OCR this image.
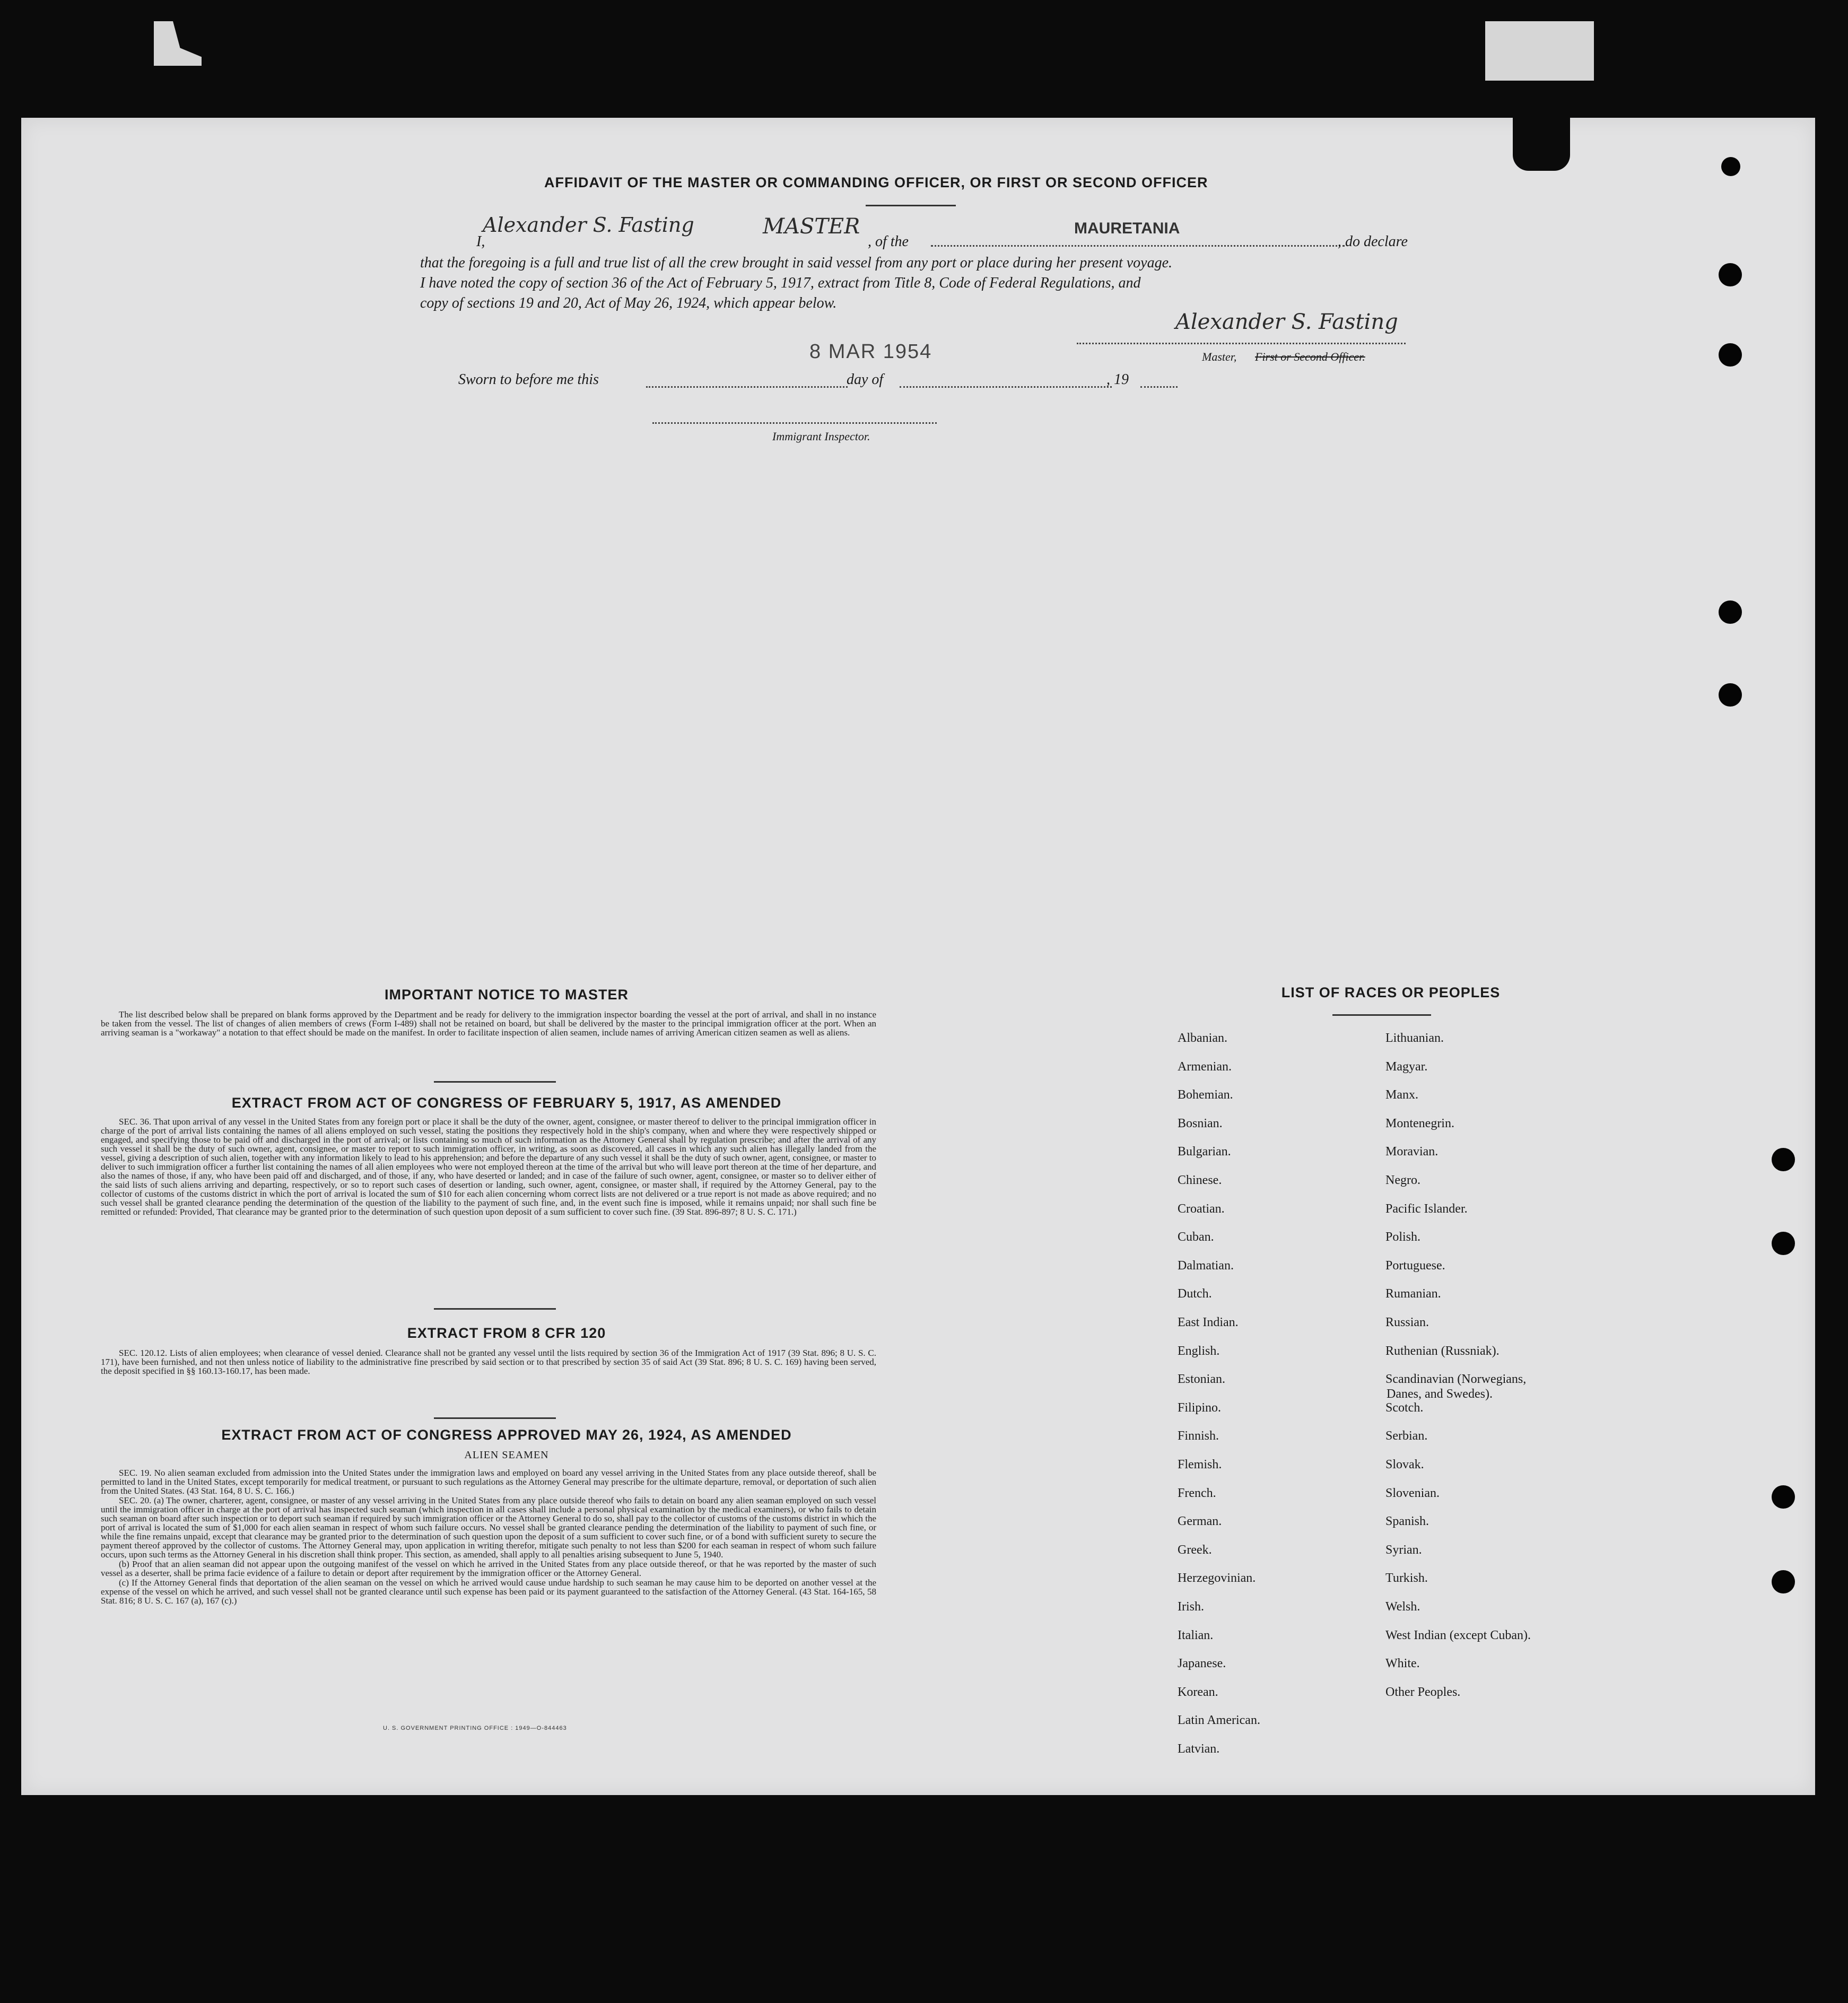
AFFIDAVIT OF THE MASTER OR COMMANDING OFFICER, OR FIRST OR SECOND OFFICER
I,
Alexander S. Fasting	MASTER
, of the
MAURETANIA
, do declare
that the foregoing is a full and true list of all the crew brought in said vessel from any port or place during her present voyage.
I have noted the copy of section 36 of the Act of February 5, 1917, extract from Title 8, Code of Federal Regulations, and
copy of sections 19 and 20, Act of May 26, 1924, which appear below.
Alexander S. Fasting
Master, First or Second Officer.
Sworn to before me this
8 MAR 1954
day of	, 19
Immigrant Inspector.
IMPORTANT NOTICE TO MASTER

The list described below shall be prepared on blank forms approved by the Department and be ready for delivery to the immigration inspector boarding the vessel at the port of arrival, and shall in no instance be taken from the vessel. The list of changes of alien members of crews (Form I-489) shall not be retained on board, but shall be delivered by the master to the principal immigration officer at the port. When an arriving seaman is a "workaway" a notation to that effect should be made on the manifest. In order to facilitate inspection of alien seamen, include names of arriving American citizen seamen as well as aliens.

EXTRACT FROM ACT OF CONGRESS OF FEBRUARY 5, 1917, AS AMENDED

SEC. 36. That upon arrival of any vessel in the United States from any foreign port or place it shall be the duty of the owner, agent, consignee, or master thereof to deliver to the principal immigration officer in charge of the port of arrival lists containing the names of all aliens employed on such vessel, stating the positions they respectively hold in the ship's company, when and where they were respectively shipped or engaged, and specifying those to be paid off and discharged in the port of arrival; or lists containing so much of such information as the Attorney General shall by regulation prescribe; and after the arrival of any such vessel it shall be the duty of such owner, agent, consignee, or master to report to such immigration officer, in writing, as soon as discovered, all cases in which any such alien has illegally landed from the vessel, giving a description of such alien, together with any information likely to lead to his apprehension; and before the departure of any such vessel it shall be the duty of such owner, agent, consignee, or master to deliver to such immigration officer a further list containing the names of all alien employees who were not employed thereon at the time of the arrival but who will leave port thereon at the time of her departure, and also the names of those, if any, who have been paid off and discharged, and of those, if any, who have deserted or landed; and in case of the failure of such owner, agent, consignee, or master so to deliver either of the said lists of such aliens arriving and departing, respectively, or so to report such cases of desertion or landing, such owner, agent, consignee, or master shall, if required by the Attorney General, pay to the collector of customs of the customs district in which the port of arrival is located the sum of $10 for each alien concerning whom correct lists are not delivered or a true report is not made as above required; and no such vessel shall be granted clearance pending the determination of the question of the liability to the payment of such fine, and, in the event such fine is imposed, while it remains unpaid; nor shall such fine be remitted or refunded: Provided, That clearance may be granted prior to the determination of such question upon deposit of a sum sufficient to cover such fine. (39 Stat. 896-897; 8 U. S. C. 171.)

EXTRACT FROM 8 CFR 120

SEC. 120.12. Lists of alien employees; when clearance of vessel denied. Clearance shall not be granted any vessel until the lists required by section 36 of the Immigration Act of 1917 (39 Stat. 896; 8 U. S. C. 171), have been furnished, and not then unless notice of liability to the administrative fine prescribed by said section or to that prescribed by section 35 of said Act (39 Stat. 896; 8 U. S. C. 169) having been served, the deposit specified in §§ 160.13-160.17, has been made.

EXTRACT FROM ACT OF CONGRESS APPROVED MAY 26, 1924, AS AMENDED
ALIEN SEAMEN

SEC. 19. No alien seaman excluded from admission into the United States under the immigration laws and employed on board any vessel arriving in the United States from any place outside thereof, shall be permitted to land in the United States, except temporarily for medical treatment, or pursuant to such regulations as the Attorney General may prescribe for the ultimate departure, removal, or deportation of such alien from the United States. (43 Stat. 164, 8 U. S. C. 166.)

SEC. 20. (a) The owner, charterer, agent, consignee, or master of any vessel arriving in the United States from any place outside thereof who fails to detain on board any alien seaman employed on such vessel until the immigration officer in charge at the port of arrival has inspected such seaman (which inspection in all cases shall include a personal physical examination by the medical examiners), or who fails to detain such seaman on board after such inspection or to deport such seaman if required by such immigration officer or the Attorney General to do so, shall pay to the collector of customs of the customs district in which the port of arrival is located the sum of $1,000 for each alien seaman in respect of whom such failure occurs. No vessel shall be granted clearance pending the determination of the liability to payment of such fine, or while the fine remains unpaid, except that clearance may be granted prior to the determination of such question upon the deposit of a sum sufficient to cover such fine, or of a bond with sufficient surety to secure the payment thereof approved by the collector of customs. The Attorney General may, upon application in writing therefor, mitigate such penalty to not less than $200 for each seaman in respect of whom such failure occurs, upon such terms as the Attorney General in his discretion shall think proper. This section, as amended, shall apply to all penalties arising subsequent to June 5, 1940.

(b) Proof that an alien seaman did not appear upon the outgoing manifest of the vessel on which he arrived in the United States from any place outside thereof, or that he was reported by the master of such vessel as a deserter, shall be prima facie evidence of a failure to detain or deport after requirement by the immigration officer or the Attorney General.

(c) If the Attorney General finds that deportation of the alien seaman on the vessel on which he arrived would cause undue hardship to such seaman he may cause him to be deported on another vessel at the expense of the vessel on which he arrived, and such vessel shall not be granted clearance until such expense has been paid or its payment guaranteed to the satisfaction of the Attorney General. (43 Stat. 164-165, 58 Stat. 816; 8 U. S. C. 167 (a), 167 (c).)

U. S. GOVERNMENT PRINTING OFFICE : 1949—O-844463
LIST OF RACES OR PEOPLES
Albanian.
Armenian.
Bohemian.
Bosnian.
Bulgarian.
Chinese.
Croatian.
Cuban.
Dalmatian.
Dutch.
East Indian.
English.
Estonian.
Filipino.
Finnish.
Flemish.
French.
German.
Greek.
Herzegovinian.
Irish.
Italian.
Japanese.
Korean.
Latin American.
Latvian.
Lithuanian.
Magyar.
Manx.
Montenegrin.
Moravian.
Negro.
Pacific Islander.
Polish.
Portuguese.
Rumanian.
Russian.
Ruthenian (Russniak).
Scandinavian (Norwegians,
Danes, and Swedes).
Scotch.
Serbian.
Slovak.
Slovenian.
Spanish.
Syrian.
Turkish.
Welsh.
West Indian (except Cuban).
White.
Other Peoples.
